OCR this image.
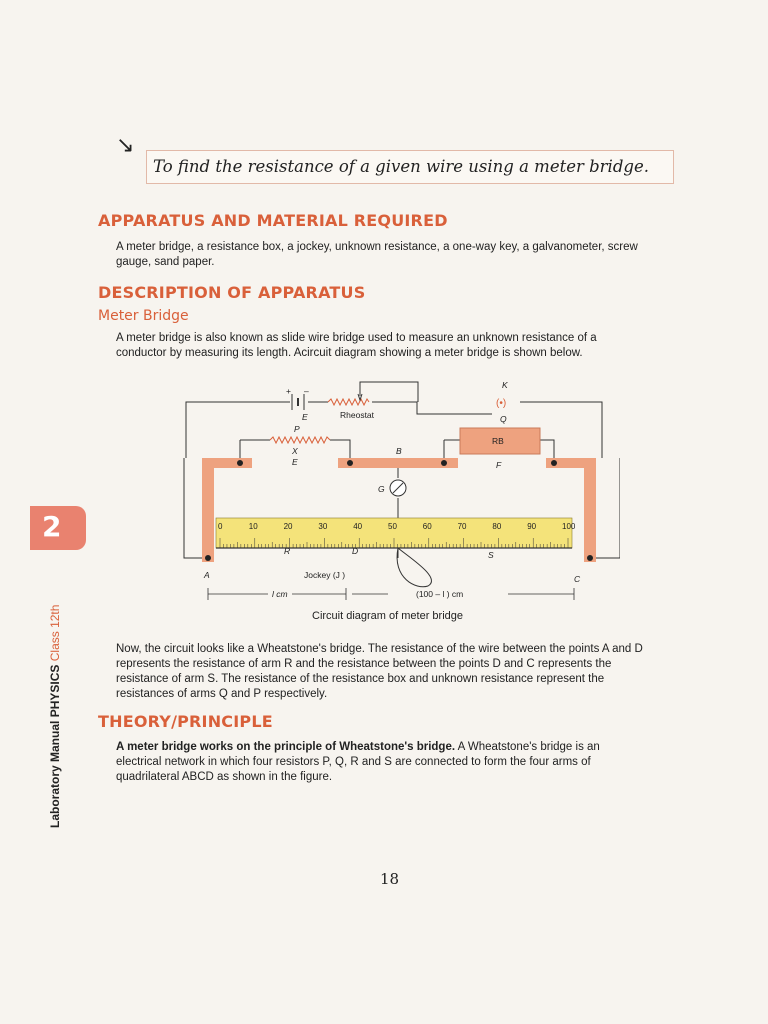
↘
To find the resistance of a given wire using a meter bridge.
APPARATUS AND MATERIAL REQUIRED
A meter bridge, a resistance box, a jockey, unknown resistance, a one-way key, a galvanometer, screw
gauge, sand paper.
DESCRIPTION OF APPARATUS
Meter Bridge
A meter bridge is also known as slide wire bridge used to measure an unknown resistance of a
conductor by measuring its length. Acircuit diagram showing a meter bridge is shown below.
+ –
E	Rheostat
K
(•)
Q
RB
F
P
X
E
B
G
0	10	20	30	40	50	60	70	80	90	100
R	D	S
A	C
Jockey (J )
l cm	(100 – l ) cm
Circuit diagram of meter bridge
Now, the circuit looks like a Wheatstone's bridge. The resistance of the wire between the points A and D
represents the resistance of arm R and the resistance between the points D and C represents the
resistance of arm S. The resistance of the resistance box and unknown resistance represent the
resistances of arms Q and P respectively.
THEORY/PRINCIPLE
A meter bridge works on the principle of Wheatstone's bridge. A Wheatstone's bridge is an
electrical network in which four resistors P, Q, R and S are connected to form the four arms of
quadrilateral ABCD as shown in the figure.
2
Laboratory Manual PHYSICS Class 12th
18
